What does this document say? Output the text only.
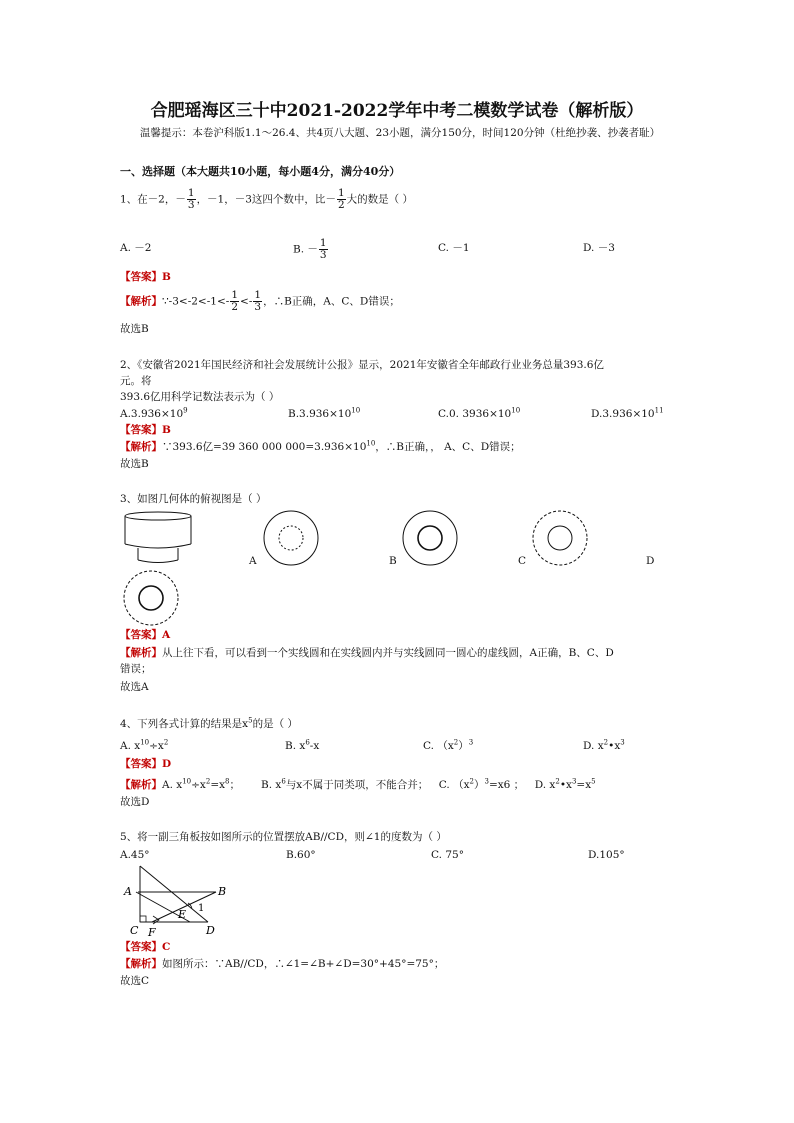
合肥瑶海区三十中2021-2022学年中考二模数学试卷（解析版）
温馨提示：本卷沪科版1.1～26.4、共4页八大题、23小题，满分150分，时间120分钟（杜绝抄袭、抄袭者耻）
一、选择题（本大题共10小题，每小题4分，满分40分）
1、在－2，－ $\frac{1}{3}$ ，－1，－3这四个数中，比－ $\frac{1}{2}$ 大的数是（ ）
A. －2	B. － $\frac{1}{3}$	C. －1	D. －3
【答案】B
【解析】∵-3<-2<-1<- $\frac{1}{2} <- \frac{1}{3}$ ，∴B正确，A、C、D错误；
故选B
2、《安徽省2021年国民经济和社会发展统计公报》显示，2021年安徽省全年邮政行业业务总量393.6亿
元。将
393.6亿用科学记数法表示为（ ）
$A.3.936\times 10^9$	$B.3.936\times 10^{10}$	C.0. $3936\times 10^{10}$	$D.3.936\times 10^{11}$
【答案】B
【解析】∵393.6亿=39 360 000 $000=3.936\times 10^{10}$，∴B正确，， A、C、D错误；
故选B
3、如图几何体的俯视图是（ ）
A	B	C	D
【答案】A
【解析】从上往下看，可以看到一个实线圆和在实线圆内并与实线圆同一圆心的虚线圆，A正确，B、C、D
错误；
故选A
4、下列各式计算的结果是$x^5$的是（ ）
A. $x^{10}\div x^2$	B. $x^6-x$	C. $(x^2)^3$	D. $x^2•x^3$
【答案】D
【解析】A. $x^{10}\div x^2=x^8$；   B. $x^6$与x不属于同类项，不能合并；  C. $(x^2)^3=x6$ ；  D. $x^2•x^3=x^5$
故选D
5、将一副三角板按如图所示的位置摆放AB//CD，则∠1的度数为（ ）
A.45°	B.60°	C. 75°	D.105°
A	B
C	D
E
F
1
【答案】C
【解析】如图所示：∵AB//CD，∴∠1=∠B+∠D=30°+45°=75°；
故选C
